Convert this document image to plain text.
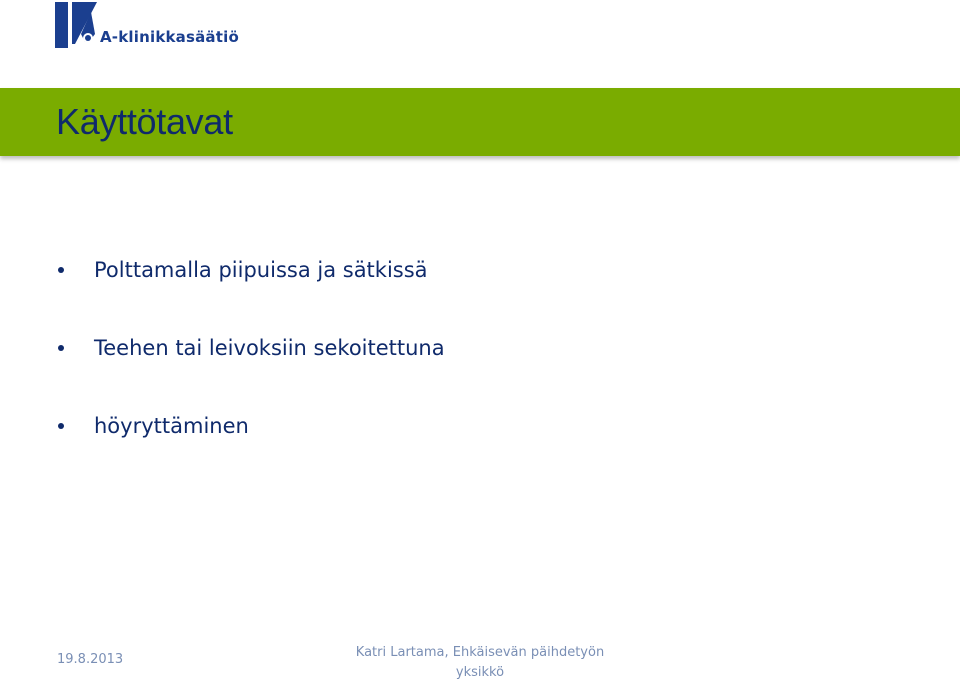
A-klinikkasäätiö
Käyttötavat
Polttamalla piipuissa ja sätkissä
Teehen tai leivoksiin sekoitettuna
höyryttäminen
19.8.2013	Katri Lartama, Ehkäisevän päihdetyön
yksikkö
